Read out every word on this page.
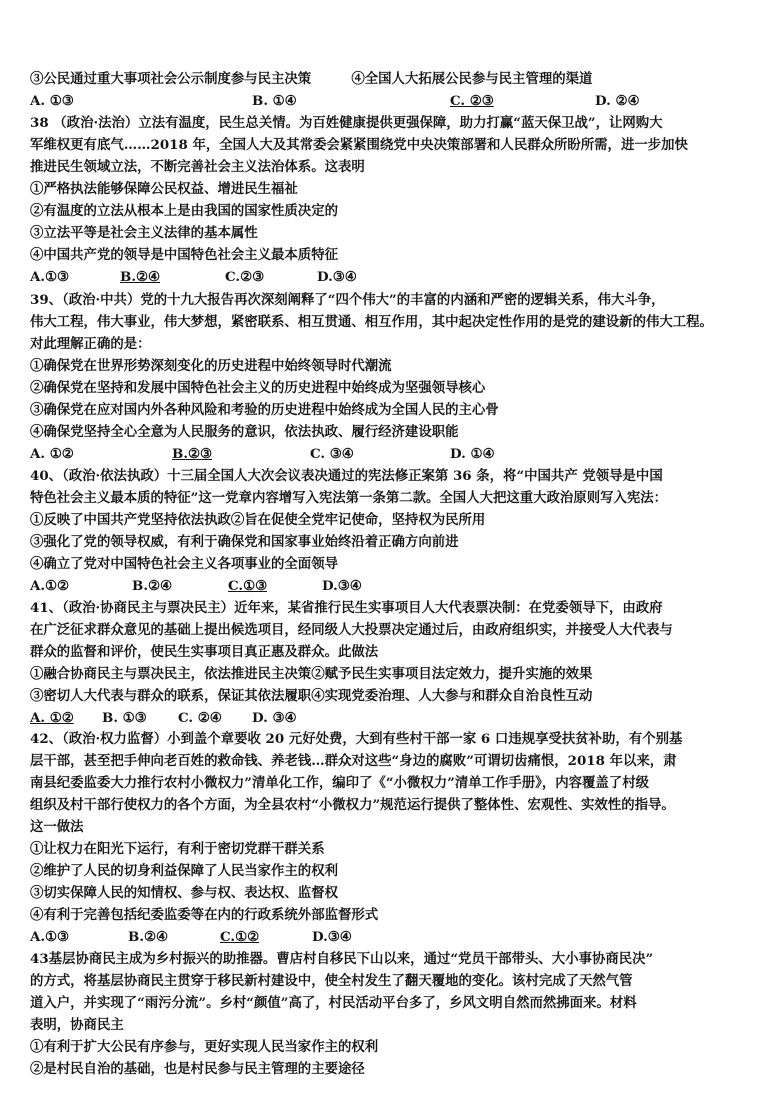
③公民通过重大事项社会公示制度参与民主决策　　　④全国人大拓展公民参与民主管理的渠道
A. ①③	B. ①④	C. ②③	D. ②④
38 （政治·法治）立法有温度，民生总关情。为百姓健康提供更强保障，助力打赢“蓝天保卫战”，让网购大
军维权更有底气……2018 年，全国人大及其常委会紧紧围绕党中央决策部署和人民群众所盼所需，进一步加快
推进民生领域立法，不断完善社会主义法治体系。这表明
①严格执法能够保障公民权益、增进民生福祉
②有温度的立法从根本上是由我国的国家性质决定的
③立法平等是社会主义法律的基本属性
④中国共产党的领导是中国特色社会主义最本质特征
A.①③	B.②④	C.②③	D.③④
39、（政治·中共）党的十九大报告再次深刻阐释了“四个伟大”的丰富的内涵和严密的逻辑关系，伟大斗争，
伟大工程，伟大事业，伟大梦想，紧密联系、相互贯通、相互作用，其中起决定性作用的是党的建设新的伟大工程。
对此理解正确的是：
①确保党在世界形势深刻变化的历史进程中始终领导时代潮流
②确保党在坚持和发展中国特色社会主义的历史进程中始终成为坚强领导核心
③确保党在应对国内外各种风险和考验的历史进程中始终成为全国人民的主心骨
④确保党坚持全心全意为人民服务的意识，依法执政、履行经济建设职能
A. ①②	B.②③	C. ③④	D. ①④
40、（政治·依法执政）十三届全国人大次会议表决通过的宪法修正案第 36 条，将“中国共产 党领导是中国
特色社会主义最本质的特征”这一党章内容增写入宪法第一条第二款。全国人大把这重大政治原则写入宪法：
①反映了中国共产党坚持依法执政②旨在促使全党牢记使命，坚持权为民所用
③强化了党的领导权威，有利于确保党和国家事业始终沿着正确方向前进
④确立了党对中国特色社会主义各项事业的全面领导
A.①②	B.②④	C.①③	D.③④
41、（政治·协商民主与票决民主）近年来，某省推行民生实事项目人大代表票决制：在党委领导下，由政府
在广泛征求群众意见的基础上提出候选项目，经同级人大投票决定通过后，由政府组织实，并接受人大代表与
群众的监督和评价，使民生实事项目真正惠及群众。此做法
①融合协商民主与票决民主，依法推进民主决策②赋予民生实事项目法定效力，提升实施的效果
③密切人大代表与群众的联系，保证其依法履职④实现党委治理、人大参与和群众自治良性互动
A. ①② B. ①③ C. ②④ D. ③④
42、（政治·权力监督）小到盖个章要收 20 元好处费，大到有些村干部一家 6 口违规享受扶贫补助，有个别基
层干部，甚至把手伸向老百姓的救命钱、养老钱…群众对这些“身边的腐败”可谓切齿痛恨，2018 年以来，肃
南县纪委监委大力推行农村小微权力”清单化工作，编印了《“小微权力”清单工作手册》，内容覆盖了村级
组织及村干部行使权力的各个方面，为全县农村“小微权力”规范运行提供了整体性、宏观性、实效性的指导。
这一做法
①让权力在阳光下运行，有利于密切党群干群关系
②维护了人民的切身利益保障了人民当家作主的权利
③切实保障人民的知情权、参与权、表达权、监督权
④有利于完善包括纪委监委等在内的行政系统外部监督形式
A.①③	B.②④	C.①②	D.③④
43基层协商民主成为乡村振兴的助推器。曹店村自移民下山以来，通过“党员干部带头、大小事协商民决”
的方式，将基层协商民主贯穿于移民新村建设中，使全村发生了翻天覆地的变化。该村完成了天然气管
道入户，并实现了“雨污分流”。乡村“颜值”高了，村民活动平台多了，乡风文明自然而然拂面来。材料
表明，协商民主
①有利于扩大公民有序参与，更好实现人民当家作主的权利
②是村民自治的基础，也是村民参与民主管理的主要途径
